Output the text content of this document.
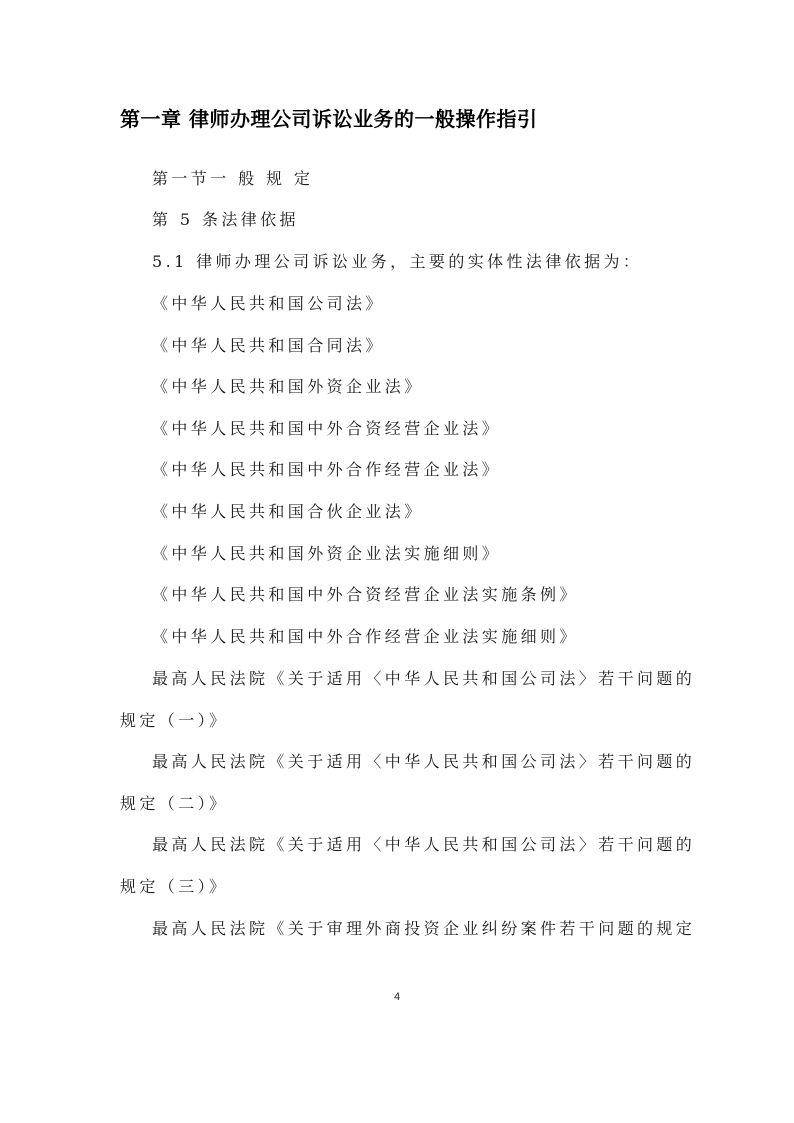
第一章 律师办理公司诉讼业务的一般操作指引
第一节一 般 规 定
第 5 条法律依据
5.1 律师办理公司诉讼业务，主要的实体性法律依据为：
《中华人民共和国公司法》
《中华人民共和国合同法》
《中华人民共和国外资企业法》
《中华人民共和国中外合资经营企业法》
《中华人民共和国中外合作经营企业法》
《中华人民共和国合伙企业法》
《中华人民共和国外资企业法实施细则》
《中华人民共和国中外合资经营企业法实施条例》
《中华人民共和国中外合作经营企业法实施细则》
最高人民法院《关于适用〈中华人民共和国公司法〉若干问题的
规定（一）》
最高人民法院《关于适用〈中华人民共和国公司法〉若干问题的
规定（二）》
最高人民法院《关于适用〈中华人民共和国公司法〉若干问题的
规定（三）》
最高人民法院《关于审理外商投资企业纠纷案件若干问题的规定
4
